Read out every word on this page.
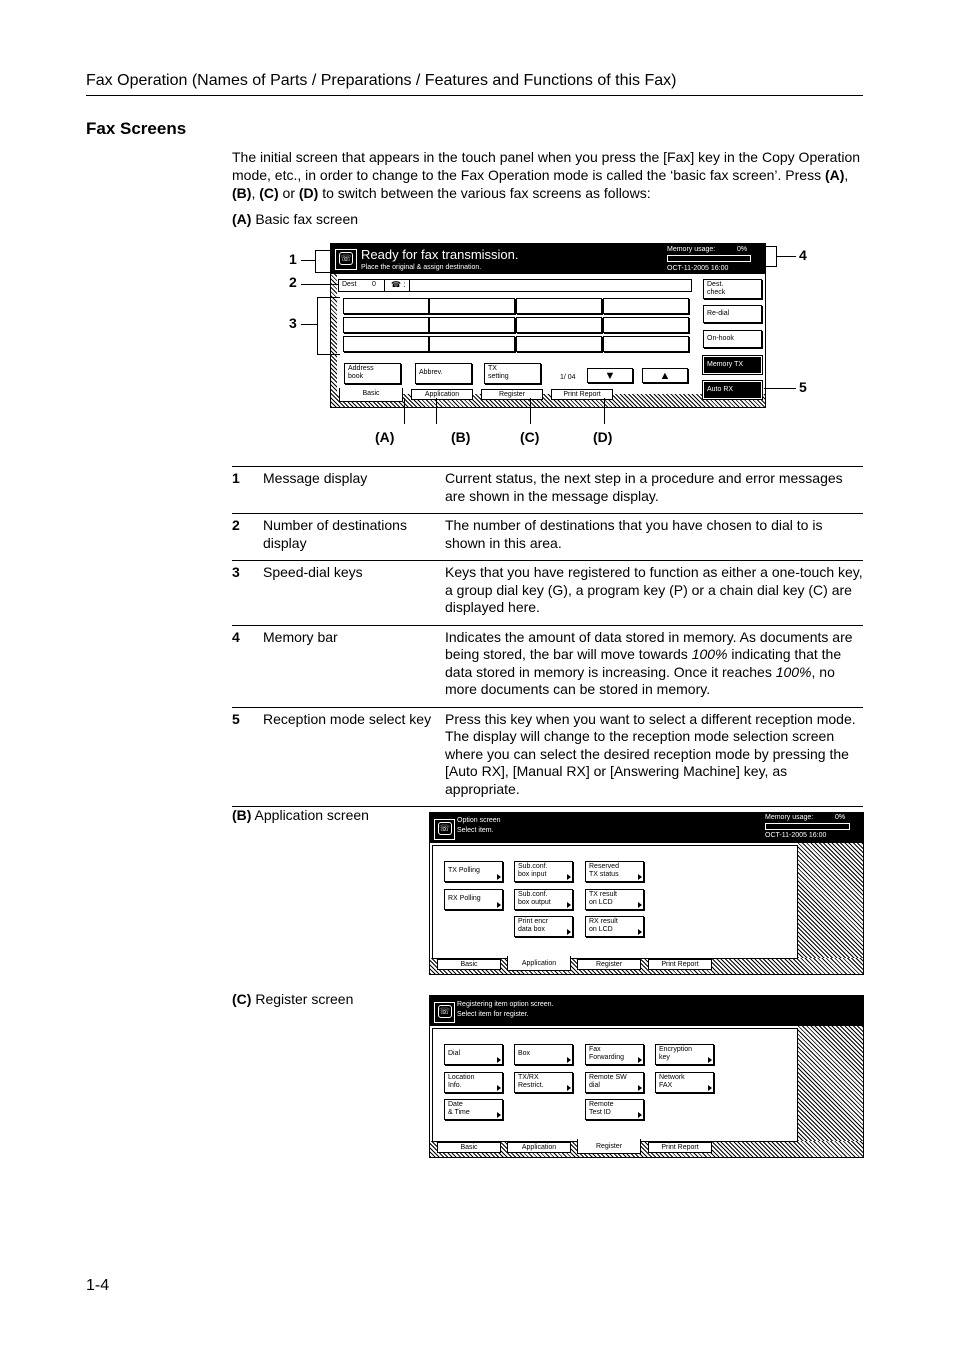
Fax Operation (Names of Parts / Preparations / Features and Functions of this Fax)
Fax Screens
The initial screen that appears in the touch panel when you press the [Fax] key in the Copy Operation mode, etc., in order to change to the Fax Operation mode is called the ‘basic fax screen’. Press (A), (B), (C) or (D) to switch between the various fax screens as follows:
(A) Basic fax screen
☏ Ready for fax transmission.
Place the original & assign destination.
Memory usage:	0%
OCT-11-2005 16:00
Dest 0 ☎ :	Dest.
check
Re-dial
On-hook
Memory TX
Auto RX
Address
book
Abbrev.
TX
setting	1/ 04	▼	▲
Basic	Application	Register	Print Report
1
2
3
4
5
(A)	(B)	(C)	(D)
1	Message display	Current status, the next step in a procedure and error messages are shown in the message display.
2	Number of destinations display	The number of destinations that you have chosen to dial to is shown in this area.
3	Speed-dial keys	Keys that you have registered to function as either a one-touch key, a group dial key (G), a program key (P) or a chain dial key (C) are displayed here.
4	Memory bar	Indicates the amount of data stored in memory. As documents are being stored, the bar will move towards 100% indicating that the data stored in memory is increasing. Once it reaches 100%, no more documents can be stored in memory.
5	Reception mode select key	Press this key when you want to select a different reception mode. The display will change to the reception mode selection screen where you can select the desired reception mode by pressing the [Auto RX], [Manual RX] or [Answering Machine] key, as appropriate.
(B) Application screen
☏
Option screen
Select item.
Memory usage:	0%
OCT-11-2005 16:00
TX Polling
Sub.conf.
box input
Reserved
TX status
RX Polling
Sub.conf.
box output
TX result
on LCD
Print encr
data box
RX result
on LCD
Basic	Application	Register	Print Report
(C) Register screen
☏
Registering item option screen.
Select item for register.
Dial	Box
Fax
Forwarding
Encryption
key
Location
Info.
TX/RX
Restrict.
Remote SW
dial
Network
FAX
Date
& Time
Remote
Test ID
Basic	Application	Register	Print Report
1-4
